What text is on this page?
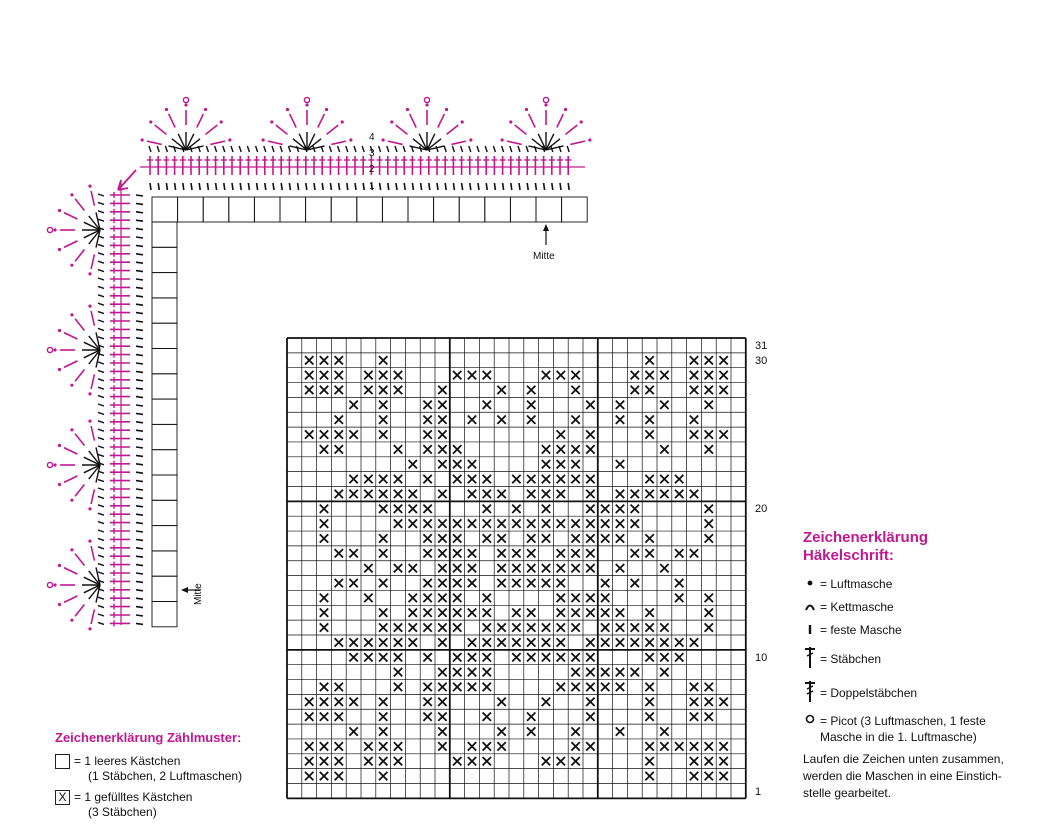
Mitte
Mitte
4
3
2
1
31
30
20
10
1
Zeichenerklärung
Häkelschrift:
= Luftmasche
= Kettmasche
= feste Masche
= Stäbchen
= Doppelstäbchen
= Picot (3 Luftmaschen, 1 feste
Masche in die 1. Luftmasche)
Laufen die Zeichen unten zusammen,
werden die Maschen in eine Einstich-
stelle gearbeitet.
Zeichenerklärung Zählmuster:
= 1 leeres Kästchen
(1 Stäbchen, 2 Luftmaschen)
X = 1 gefülltes Kästchen
(3 Stäbchen)
